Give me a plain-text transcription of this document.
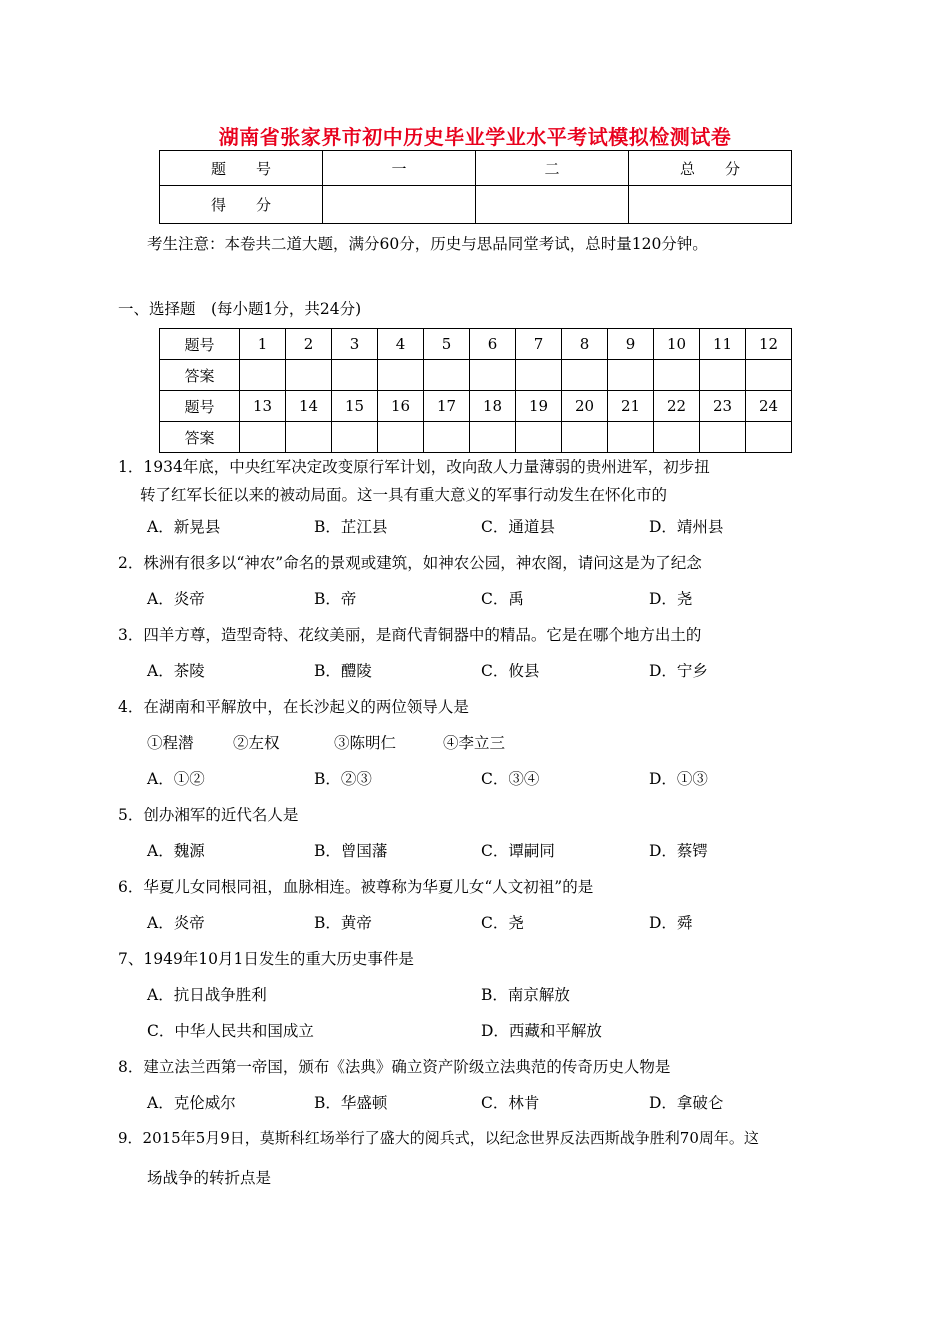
湖南省张家界市初中历史毕业学业水平考试模拟检测试卷
题　　号	一	二	总　　分
得　　分			
考生注意：本卷共二道大题，满分60分，历史与思品同堂考试，总时量120分钟。
一、选择题　(每小题1分，共24分)
题号	1	2	3	4	5	6	7	8	9	10	11	12
答案												
题号	13	14	15	16	17	18	19	20	21	22	23	24
答案												
1．1934年底，中央红军决定改变原行军计划，改向敌人力量薄弱的贵州进军，初步扭
转了红军长征以来的被动局面。这一具有重大意义的军事行动发生在怀化市的
A．新晃县	B．芷江县	C．通道县	D．靖州县
2．株洲有很多以“神农”命名的景观或建筑，如神农公园，神农阁，请问这是为了纪念
A．炎帝	B．帝	C．禹	D．尧
3．四羊方尊，造型奇特、花纹美丽，是商代青铜器中的精品。它是在哪个地方出土的
A．茶陵	B．醴陵	C．攸县	D．宁乡
4．在湖南和平解放中，在长沙起义的两位领导人是
①程潜	②左权	③陈明仁	④李立三
A．①②	B．②③	C．③④	D．①③
5．创办湘军的近代名人是
A．魏源	B．曾国藩	C．谭嗣同	D．蔡锷
6．华夏儿女同根同祖，血脉相连。被尊称为华夏儿女“人文初祖”的是
A．炎帝	B．黄帝	C．尧	D．舜
7、1949年10月1日发生的重大历史事件是
A．抗日战争胜利	B．南京解放
C．中华人民共和国成立	D．西藏和平解放
8．建立法兰西第一帝国，颁布《法典》确立资产阶级立法典范的传奇历史人物是
A．克伦威尔	B．华盛顿	C．林肯	D．拿破仑
9．2015年5月9日，莫斯科红场举行了盛大的阅兵式，以纪念世界反法西斯战争胜利70周年。这
场战争的转折点是
